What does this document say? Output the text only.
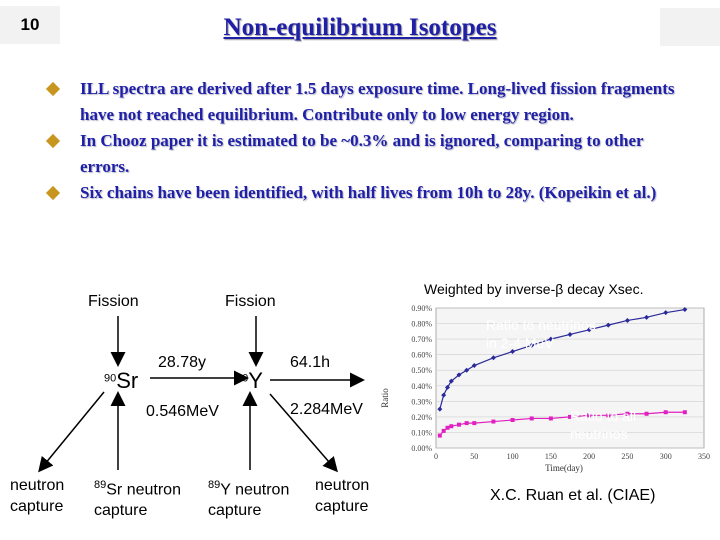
10	Non-equilibrium Isotopes
ILL spectra are derived after 1.5 days exposure time. Long-lived fission fragments have not reached equilibrium. Contribute only to low energy region.
In Chooz paper it is estimated to be ~0.3% and is ignored, comparing to other errors.
Six chains have been identified, with half lives from 10h to 28y. (Kopeikin et al.)
Fission	Fission
28.78y	64.1h
$^{90}$Sr	$^{90}$Y
0.546MeV	2.284MeV
neutron
capture
$^{89}$Sr neutron
capture
$^{89}$Y neutron
capture
neutron
capture
Weighted by inverse-β decay Xsec.
0.00%
0.10%
0.20%
0.30%
0.40%
0.50%
0.60%
0.70%
0.80%
0.90%
0	50	100	150	200	250	300	350
Ratio
Time(day)
Ratio to neutrinos
in 2-4 MeV
Ratio to all
neutrinos
X.C. Ruan et al. (CIAE)
